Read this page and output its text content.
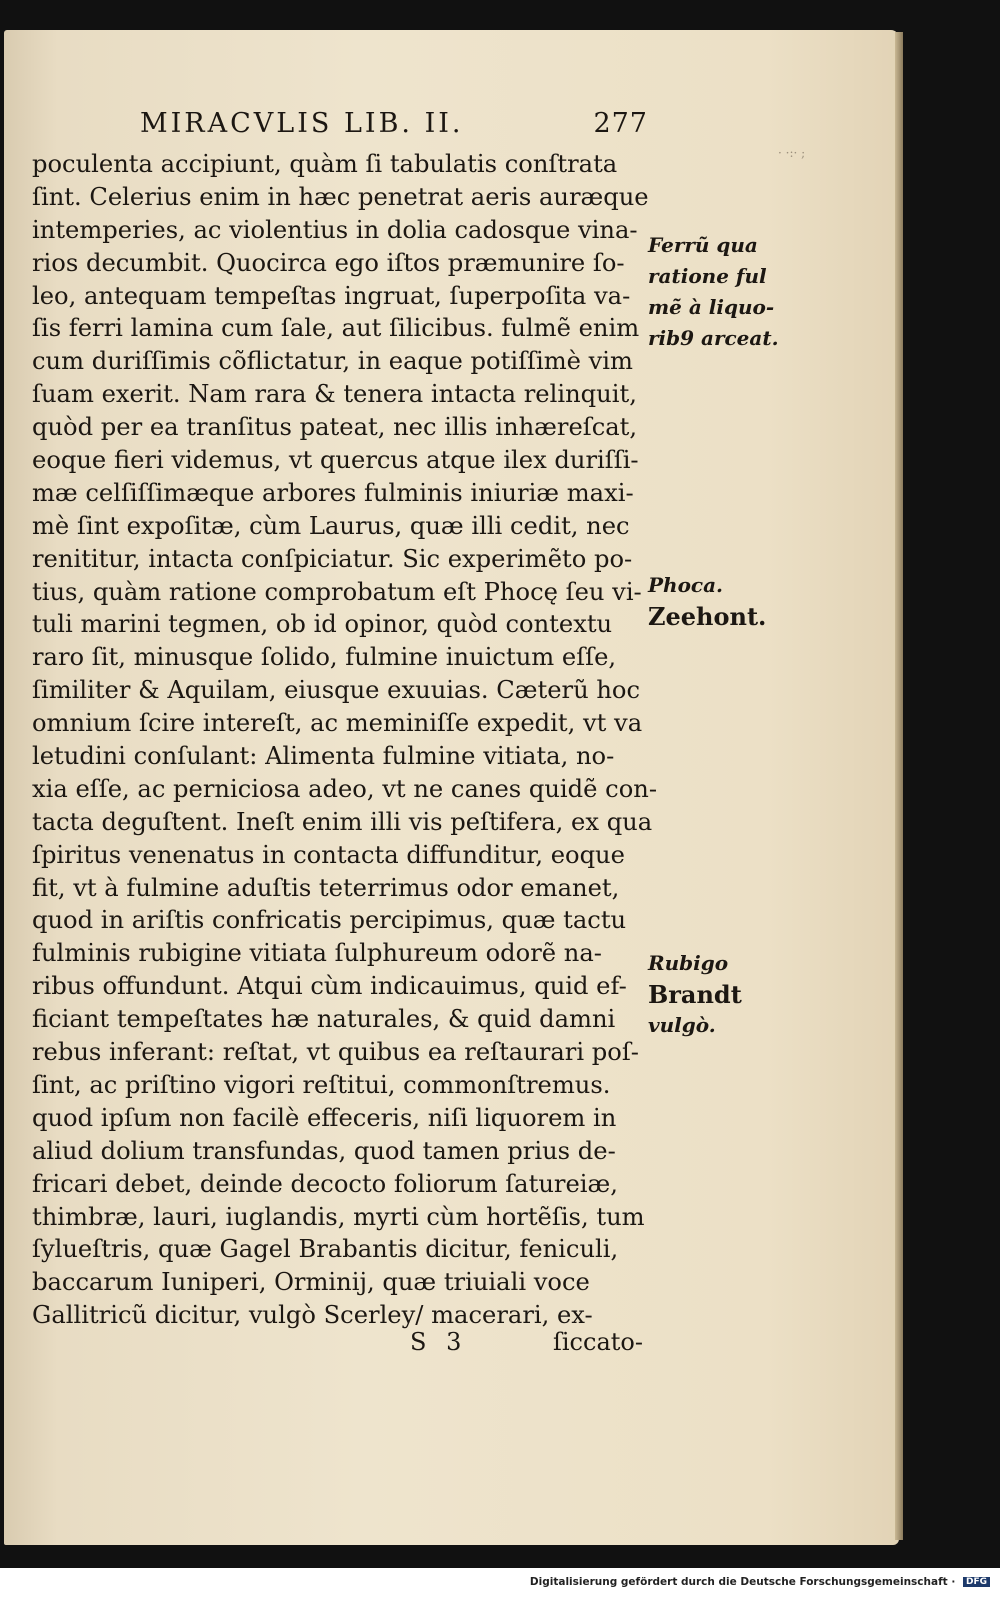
· ·:· ;
MIRACVLIS LIB. II.	277
poculenta accipiunt, quàm ſi tabulatis conſtrata
ſint. Celerius enim in hæc penetrat aeris auræque
intemperies, ac violentius in dolia cadosque vina-
rios decumbit. Quocirca ego iſtos præmunire ſo-
leo, antequam tempeſtas ingruat, ſuperpoſita va-
ſis ferri lamina cum ſale, aut ſilicibus. fulmẽ enim
cum duriſſimis cõflictatur, in eaque potiſſimè vim
ſuam exerit. Nam rara & tenera intacta relinquit,
quòd per ea tranſitus pateat, nec illis inhæreſcat,
eoque fieri videmus, vt quercus atque ilex duriſſi-
mæ celſiſſimæque arbores fulminis iniuriæ maxi-
mè ſint expoſitæ, cùm Laurus, quæ illi cedit, nec
renititur, intacta conſpiciatur. Sic experimẽto po-
tius, quàm ratione comprobatum eſt Phocę ſeu vi-
tuli marini tegmen, ob id opinor, quòd contextu
raro ſit, minusque ſolido, fulmine inuictum eſſe,
ſimiliter & Aquilam, eiusque exuuias. Cæterũ hoc
omnium ſcire intereſt, ac meminiſſe expedit, vt va
letudini conſulant: Alimenta fulmine vitiata, no-
xia eſſe, ac perniciosa adeo, vt ne canes quidẽ con-
tacta deguſtent. Ineſt enim illi vis peſtifera, ex qua
ſpiritus venenatus in contacta diffunditur, eoque
fit, vt à fulmine aduſtis teterrimus odor emanet,
quod in ariſtis confricatis percipimus, quæ tactu
fulminis rubigine vitiata ſulphureum odorẽ na-
ribus offundunt. Atqui cùm indicauimus, quid ef-
ficiant tempeſtates hæ naturales, & quid damni
rebus inferant: reſtat, vt quibus ea reſtaurari poſ-
ſint, ac priſtino vigori reſtitui, commonſtremus.
quod ipſum non facilè effeceris, niſi liquorem in
aliud dolium transfundas, quod tamen prius de-
fricari debet, deinde decocto foliorum ſatureiæ,
thimbræ, lauri, iuglandis, myrti cùm hortẽſis, tum
ſylueſtris, quæ Gagel Brabantis dicitur, feniculi,
baccarum Iuniperi, Orminij, quæ triuiali voce
Gallitricũ dicitur, vulgò Scerley/ macerari, ex-
Ferrũ qua
ratione ful
mẽ à liquo-
rib9 arceat.
Phoca.
Zeehont.
Rubigo
Brandt
vulgò.
S 3	ſiccato-
Digitalisierung gefördert durch die Deutsche Forschungsgemeinschaft · DFG
